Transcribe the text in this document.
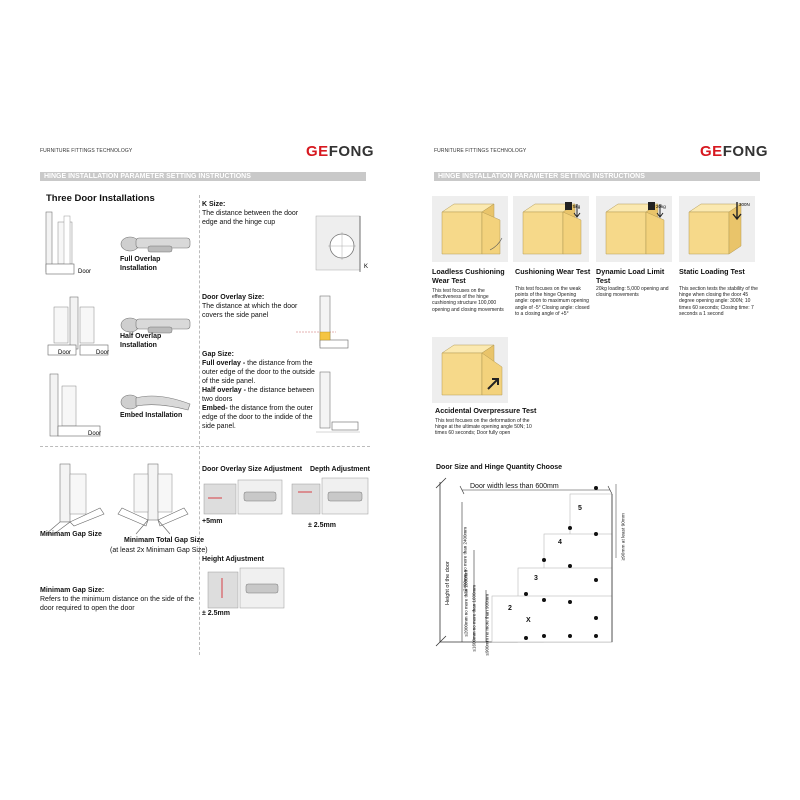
FURNITURE FITTINGS TECHNOLOGY	GEFONG
HINGE INSTALLATION PARAMETER SETTING INSTRUCTIONS
Three Door Installations
Door
Full Overlap Installation
Door	Door
Half Overlap Installation
Door
Embed Installation
K Size:
The distance between the door edge and the hinge cup
K
Door Overlay Size:
The distance at which the door covers the side panel
Gap Size:
Full overlay - the distance from the outer edge of the door to the outside of the side panel.
Half overlay - the distance between two doors
Embed- the distance from the outer edge of the door to the indide of the side panel.
Minimam Gap Size
Minimam Total Gap Size
(at least 2x Minimam Gap Size)
Minimam Gap Size:
Refers to the minimum distance on the side of the door required to open the door
Door Overlay Size Adjustment
+5mm
Depth Adjustment
± 2.5mm
Height Adjustment
± 2.5mm
FURNITURE FITTINGS TECHNOLOGY	GEFONG
HINGE INSTALLATION PARAMETER SETTING INSTRUCTIONS
Loadless Cushioning Wear Test
This test focuses on the effectiveness of the hinge cushioning structure 100,000 opening and closing movements
5kg
Cushioning Wear Test
This test focuses on the weak points of the hinge Opening angle: open to maximum opening angle of -5° Closing angle: closed to a closing angle of +5°
20kg
Dynamic Load Limit Test
20kg loading: 5,000 opening and closing movements
300N
Static Loading Test
This section tests the stability of the hinge when closing the door 45 degree opening angle: 300N; 10 times 60 seconds; Closing time: 7 seconds a 1 second
Accidental Overpressure Test
This test focuses on the deformation of the hinge at the ultimate opening angle 50N; 10 times 60 seconds; Door fully open
Door Size and Hinge Quantity Choose
Door width less than 600mm
5
4
3
2
X
Height of the door	≤2400mm no more than 2400mm
≤2000mm no more than 2000mm ≤1600mm no more than 1600mm ≤900mm no more than 900mm
≥90mm at least 90mm
